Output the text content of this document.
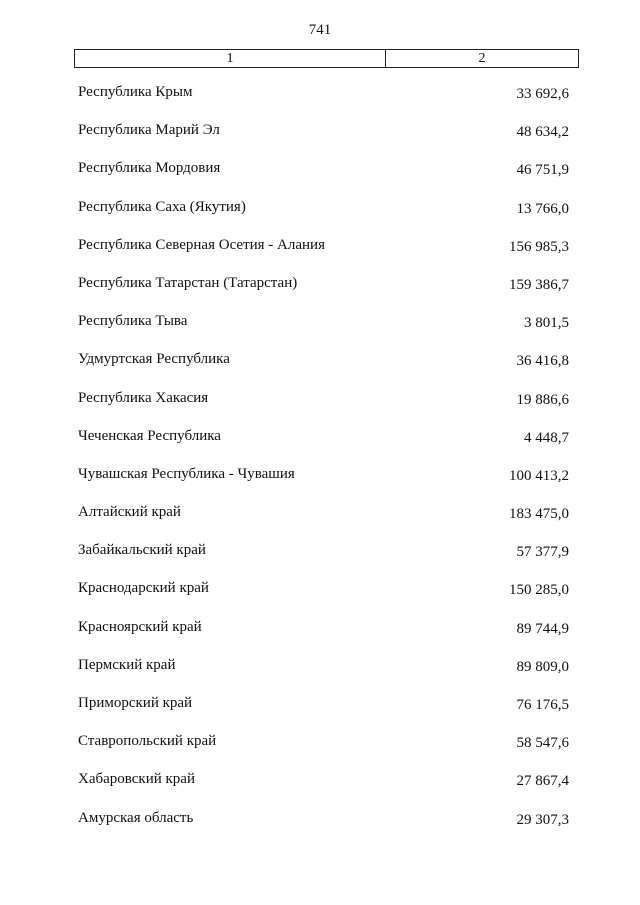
741
1	2
Республика Крым	33 692,6
Республика Марий Эл	48 634,2
Республика Мордовия	46 751,9
Республика Саха (Якутия)	13 766,0
Республика Северная Осетия - Алания	156 985,3
Республика Татарстан (Татарстан)	159 386,7
Республика Тыва	3 801,5
Удмуртская Республика	36 416,8
Республика Хакасия	19 886,6
Чеченская Республика	4 448,7
Чувашская Республика - Чувашия	100 413,2
Алтайский край	183 475,0
Забайкальский край	57 377,9
Краснодарский край	150 285,0
Красноярский край	89 744,9
Пермский край	89 809,0
Приморский край	76 176,5
Ставропольский край	58 547,6
Хабаровский край	27 867,4
Амурская область	29 307,3
